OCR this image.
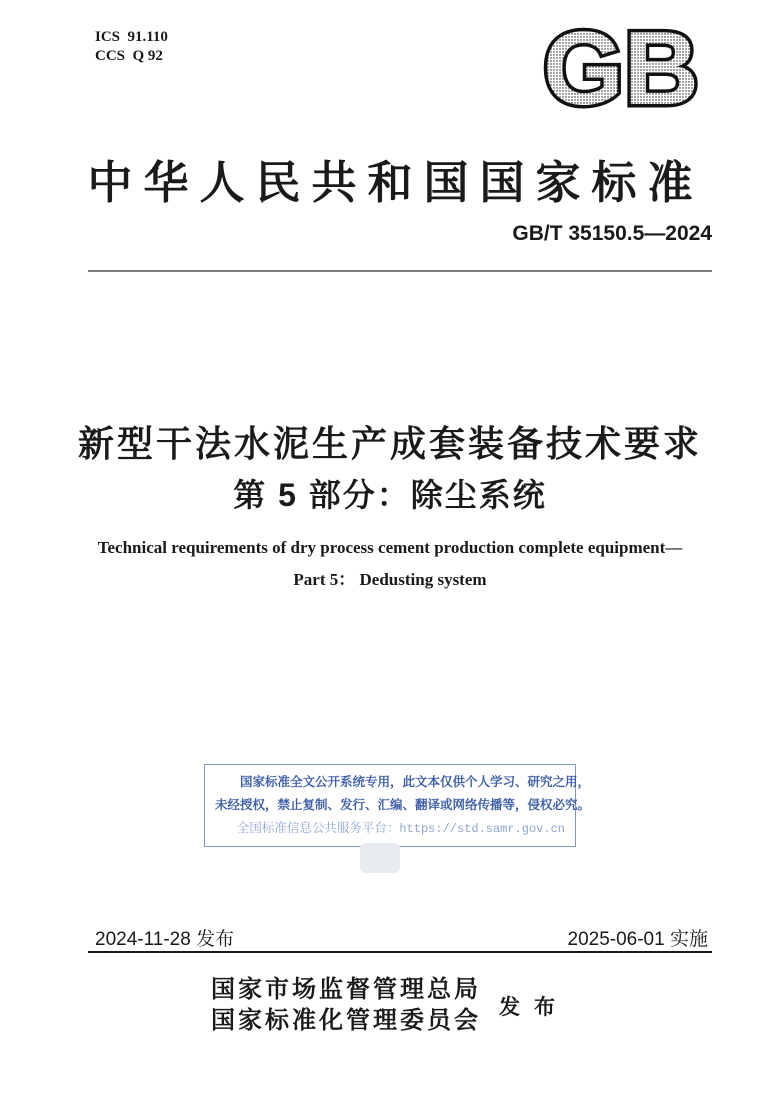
ICS  91.110
CCS  Q 92	GB
中华人民共和国国家标准
GB/T 35150.5—2024
新型干法水泥生产成套装备技术要求
第 5 部分：除尘系统
Technical requirements of dry process cement production complete equipment—
Part 5： Dedusting system
国家标准全文公开系统专用，此文本仅供个人学习、研究之用，
未经授权，禁止复制、发行、汇编、翻译或网络传播等，侵权必究。
全国标准信息公共服务平台：https://std.samr.gov.cn
2024-11-28 发布	2025-06-01 实施
国家市场监督管理总局
国家标准化管理委员会
发布
